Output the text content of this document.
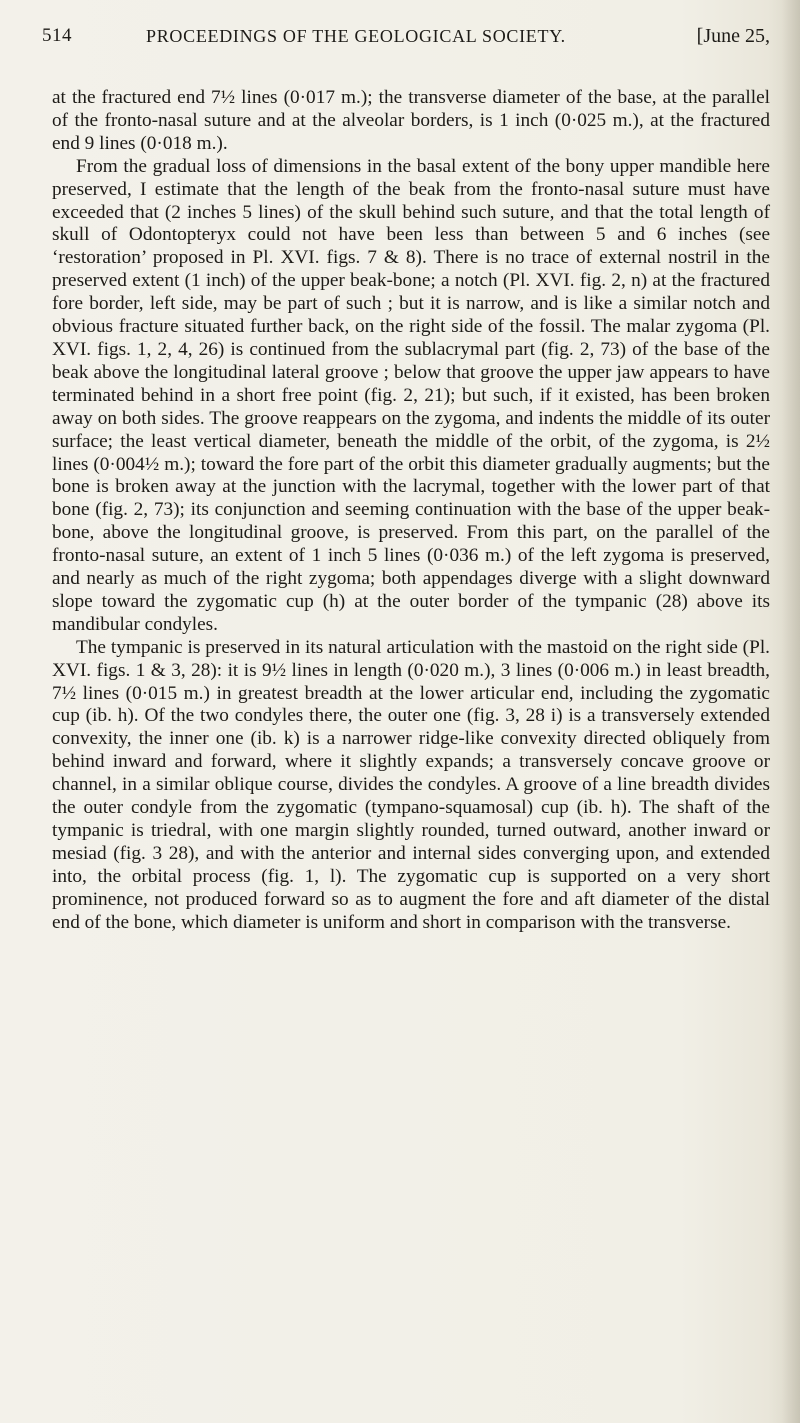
514	PROCEEDINGS OF THE GEOLOGICAL SOCIETY.	[June 25,

at the fractured end 7½ lines (0·017 m.); the transverse diameter of the base, at the parallel of the fronto-nasal suture and at the alveolar borders, is 1 inch (0·025 m.), at the fractured end 9 lines (0·018 m.).

From the gradual loss of dimensions in the basal extent of the bony upper mandible here preserved, I estimate that the length of the beak from the fronto-nasal suture must have exceeded that (2 inches 5 lines) of the skull behind such suture, and that the total length of skull of Odontopteryx could not have been less than between 5 and 6 inches (see ‘restoration’ proposed in Pl. XVI. figs. 7 & 8). There is no trace of external nostril in the preserved extent (1 inch) of the upper beak-bone; a notch (Pl. XVI. fig. 2, n) at the fractured fore border, left side, may be part of such ; but it is narrow, and is like a similar notch and obvious fracture situated further back, on the right side of the fossil. The malar zygoma (Pl. XVI. figs. 1, 2, 4, 26) is continued from the sublacrymal part (fig. 2, 73) of the base of the beak above the longitudinal lateral groove ; below that groove the upper jaw appears to have terminated behind in a short free point (fig. 2, 21); but such, if it existed, has been broken away on both sides. The groove reappears on the zygoma, and indents the middle of its outer surface; the least vertical diameter, beneath the middle of the orbit, of the zygoma, is 2½ lines (0·004½ m.); toward the fore part of the orbit this diameter gradually augments; but the bone is broken away at the junction with the lacrymal, together with the lower part of that bone (fig. 2, 73); its conjunction and seeming continuation with the base of the upper beak-bone, above the longitudinal groove, is preserved. From this part, on the parallel of the fronto-nasal suture, an extent of 1 inch 5 lines (0·036 m.) of the left zygoma is preserved, and nearly as much of the right zygoma; both appendages diverge with a slight downward slope toward the zygomatic cup (h) at the outer border of the tympanic (28) above its mandibular condyles.

The tympanic is preserved in its natural articulation with the mastoid on the right side (Pl. XVI. figs. 1 & 3, 28): it is 9½ lines in length (0·020 m.), 3 lines (0·006 m.) in least breadth, 7½ lines (0·015 m.) in greatest breadth at the lower articular end, including the zygomatic cup (ib. h). Of the two condyles there, the outer one (fig. 3, 28 i) is a transversely extended convexity, the inner one (ib. k) is a narrower ridge-like convexity directed obliquely from behind inward and forward, where it slightly expands; a transversely concave groove or channel, in a similar oblique course, divides the condyles. A groove of a line breadth divides the outer condyle from the zygomatic (tympano-squamosal) cup (ib. h). The shaft of the tympanic is triedral, with one margin slightly rounded, turned outward, another inward or mesiad (fig. 3 28), and with the anterior and internal sides converging upon, and extended into, the orbital process (fig. 1, l). The zygomatic cup is supported on a very short prominence, not produced forward so as to augment the fore and aft diameter of the distal end of the bone, which diameter is uniform and short in comparison with the transverse.
